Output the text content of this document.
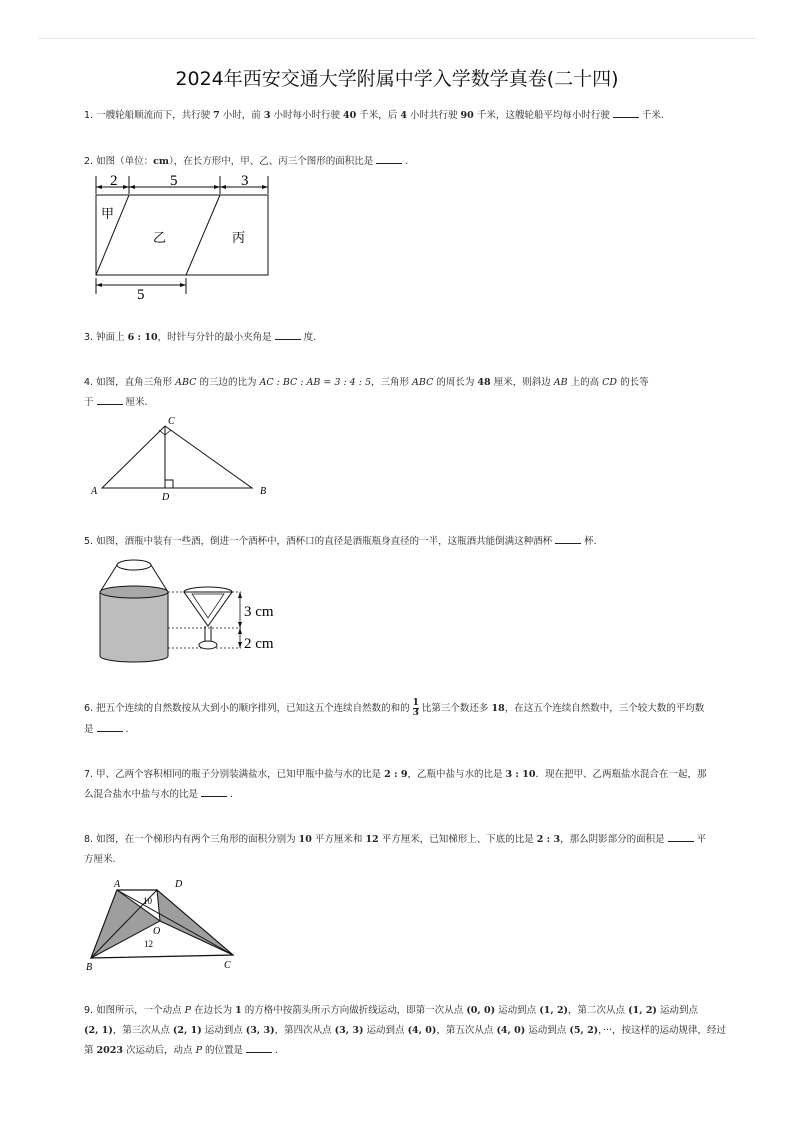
2024年西安交通大学附属中学入学数学真卷(二十四)
1. 一艘轮船顺流而下，共行驶 7 小时，前 3 小时每小时行驶 40 千米，后 4 小时共行驶 90 千米，这艘轮船平均每小时行驶	千米.
2. 如图（单位：cm），在长方形中，甲、乙、丙三个图形的面积比是	.
2	5	3
甲
乙	丙
5
3. 钟面上 6 : 10，时针与分针的最小夹角是	度.
4. 如图，直角三角形 ABC 的三边的比为 AC : BC : AB = 3 : 4 : 5，三角形 ABC 的周长为 48 厘米，则斜边 AB 上的高 CD 的长等
于	厘米.
A	B
C
D
5. 如图，酒瓶中装有一些酒，倒进一个酒杯中，酒杯口的直径是酒瓶瓶身直径的一半，这瓶酒共能倒满这种酒杯	杯.
3 cm
2 cm
6. 把五个连续的自然数按从大到小的顺序排列，已知这五个连续自然数的和的 $\frac{1}{3}$ 比第三个数还多 18，在这五个连续自然数中，三个较大数的平均数
是	.
7. 甲、乙两个容积相同的瓶子分别装满盐水，已知甲瓶中盐与水的比是 2 : 9，乙瓶中盐与水的比是 3 : 10．现在把甲、乙两瓶盐水混合在一起，那
么混合盐水中盐与水的比是	.
8. 如图，在一个梯形内有两个三角形的面积分别为 10 平方厘米和 12 平方厘米，已知梯形上、下底的比是 2 : 3，那么阴影部分的面积是	平
方厘米.
A	D
O
B	C
10
12
9. 如图所示，一个动点 P 在边长为 1 的方格中按箭头所示方向做折线运动，即第一次从点 (0, 0) 运动到点 (1, 2)，第二次从点 (1, 2) 运动到点
(2, 1)，第三次从点 (2, 1) 运动到点 (3, 3)，第四次从点 (3, 3) 运动到点 (4, 0)，第五次从点 (4, 0) 运动到点 (5, 2)，···，按这样的运动规律，经过
第 2023 次运动后，动点 P 的位置是	.
